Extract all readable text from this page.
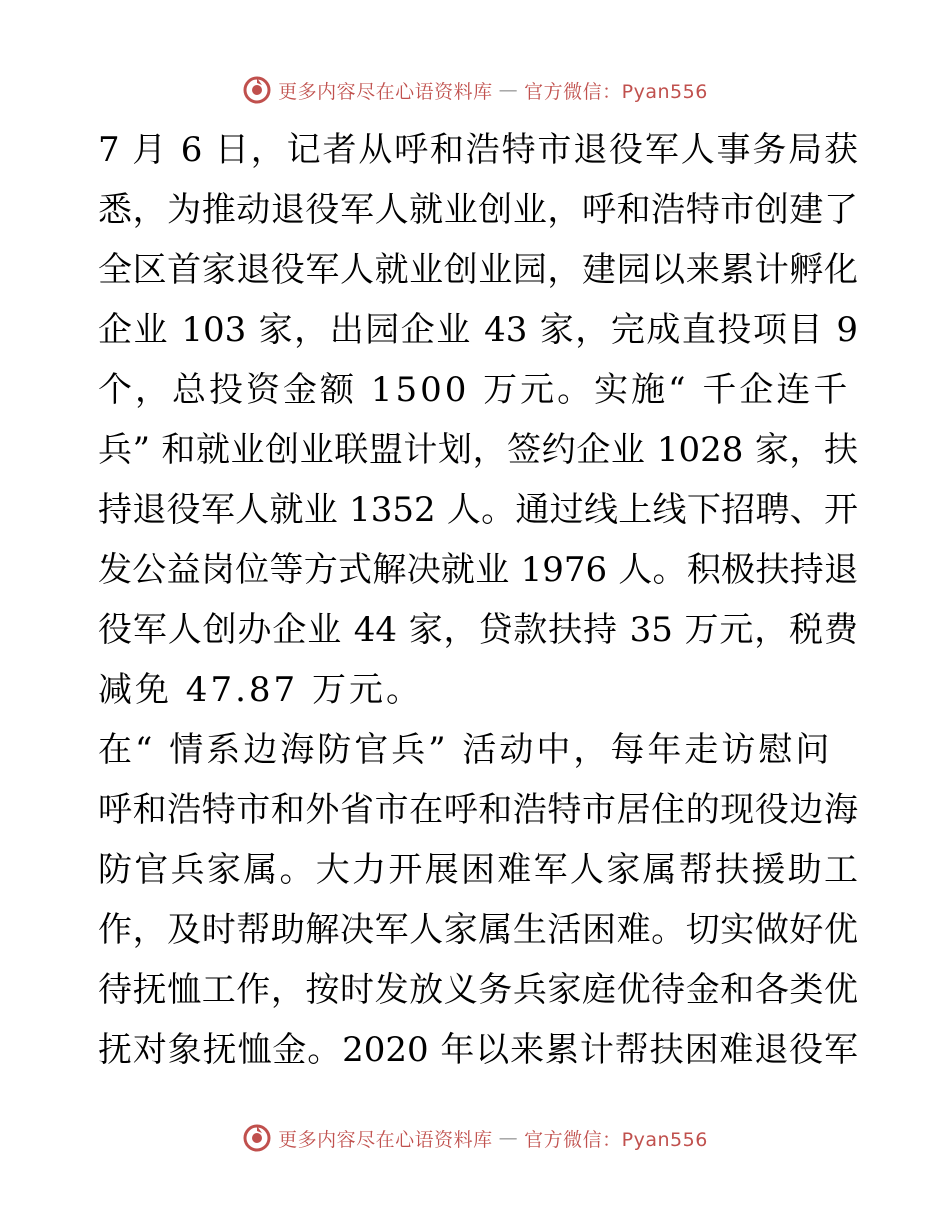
更多内容尽在心语资料库 — 官方微信：Pyan556
7 月 6 日，记者从呼和浩特市退役军人事务局获
悉，为推动退役军人就业创业，呼和浩特市创建了
全区首家退役军人就业创业园，建园以来累计孵化
企业 103 家，出园企业 43 家，完成直投项目 9
个，总投资金额 1500 万元。实施“ 千企连千
兵” 和就业创业联盟计划，签约企业 1028 家，扶
持退役军人就业 1352 人。通过线上线下招聘、开
发公益岗位等方式解决就业 1976 人。积极扶持退
役军人创办企业 44 家，贷款扶持 35 万元，税费
减免 47.87 万元。
在“ 情系边海防官兵” 活动中，每年走访慰问
呼和浩特市和外省市在呼和浩特市居住的现役边海
防官兵家属。大力开展困难军人家属帮扶援助工
作，及时帮助解决军人家属生活困难。切实做好优
待抚恤工作，按时发放义务兵家庭优待金和各类优
抚对象抚恤金。2020 年以来累计帮扶困难退役军
更多内容尽在心语资料库 — 官方微信：Pyan556
